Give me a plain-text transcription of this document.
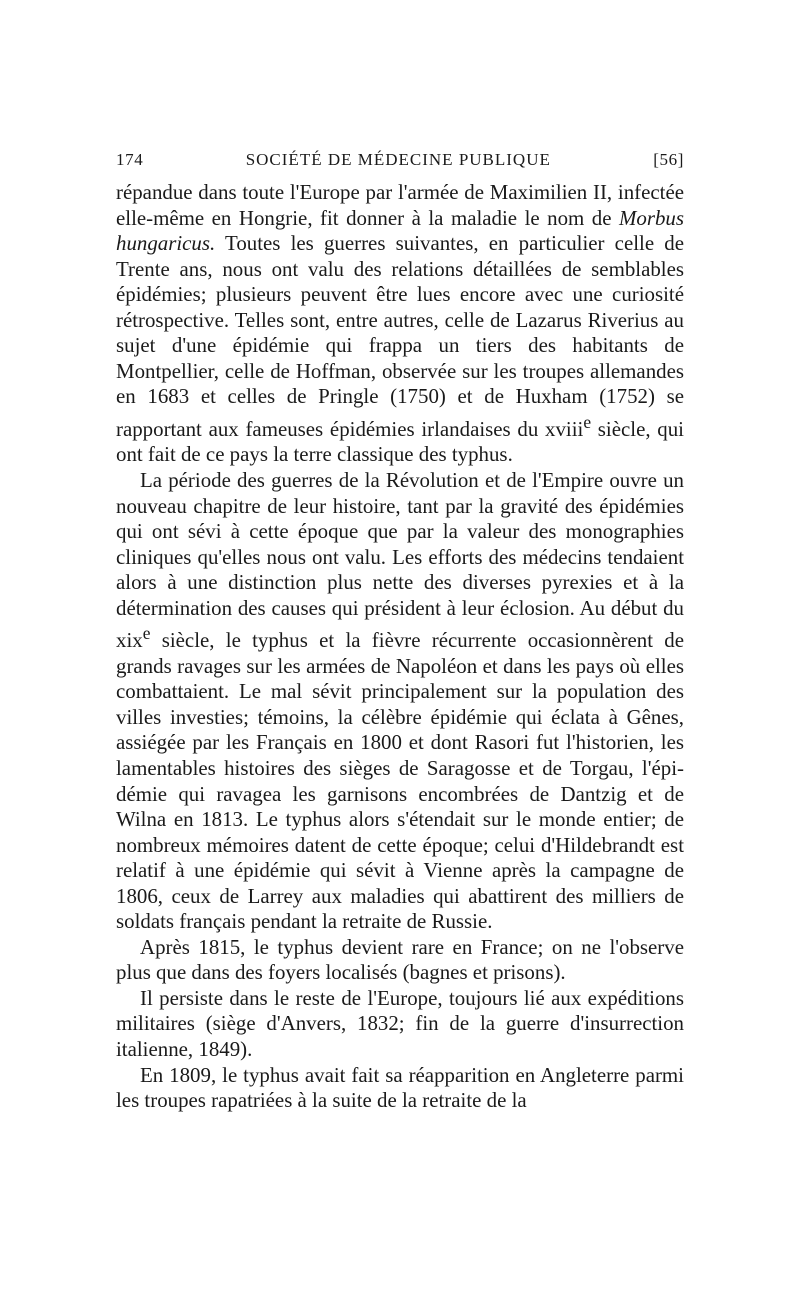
174	SOCIÉTÉ DE MÉDECINE PUBLIQUE	[56]

répandue dans toute l'Europe par l'armée de Maximilien II, infectée elle-même en Hongrie, fit donner à la maladie le nom de Morbus hungaricus. Toutes les guerres suivantes, en particulier celle de Trente ans, nous ont valu des relations détaillées de semblables épidémies; plusieurs peuvent être lues encore avec une curiosité rétrospective. Telles sont, entre autres, celle de Lazarus Riverius au sujet d'une épidémie qui frappa un tiers des habitants de Montpellier, celle de Hoffman, observée sur les troupes allemandes en 1683 et celles de Pringle (1750) et de Huxham (1752) se rapportant aux fameuses épidémies irlandaises du xviii$^e$ siècle, qui ont fait de ce pays la terre classique des typhus.

La période des guerres de la Révolution et de l'Empire ouvre un nouveau chapitre de leur histoire, tant par la gravité des épidémies qui ont sévi à cette époque que par la valeur des monographies cliniques qu'elles nous ont valu. Les efforts des médecins tendaient alors à une distinction plus nette des diverses pyrexies et à la détermination des causes qui président à leur éclosion. Au début du xix$^e$ siècle, le typhus et la fièvre récurrente occasionnèrent de grands ravages sur les armées de Napoléon et dans les pays où elles combattaient. Le mal sévit principalement sur la population des villes investies; témoins, la célèbre épidémie qui éclata à Gênes, assiégée par les Français en 1800 et dont Rasori fut l'historien, les lamentables histoires des sièges de Saragosse et de Torgau, l'épidémie qui ravagea les garnisons encombrées de Dantzig et de Wilna en 1813. Le typhus alors s'étendait sur le monde entier; de nombreux mémoires datent de cette époque; celui d'Hildebrandt est relatif à une épidémie qui sévit à Vienne après la campagne de 1806, ceux de Larrey aux maladies qui abattirent des milliers de soldats français pendant la retraite de Russie.

Après 1815, le typhus devient rare en France; on ne l'observe plus que dans des foyers localisés (bagnes et prisons).

Il persiste dans le reste de l'Europe, toujours lié aux expéditions militaires (siège d'Anvers, 1832; fin de la guerre d'insurrection italienne, 1849).

En 1809, le typhus avait fait sa réapparition en Angleterre parmi les troupes rapatriées à la suite de la retraite de la
